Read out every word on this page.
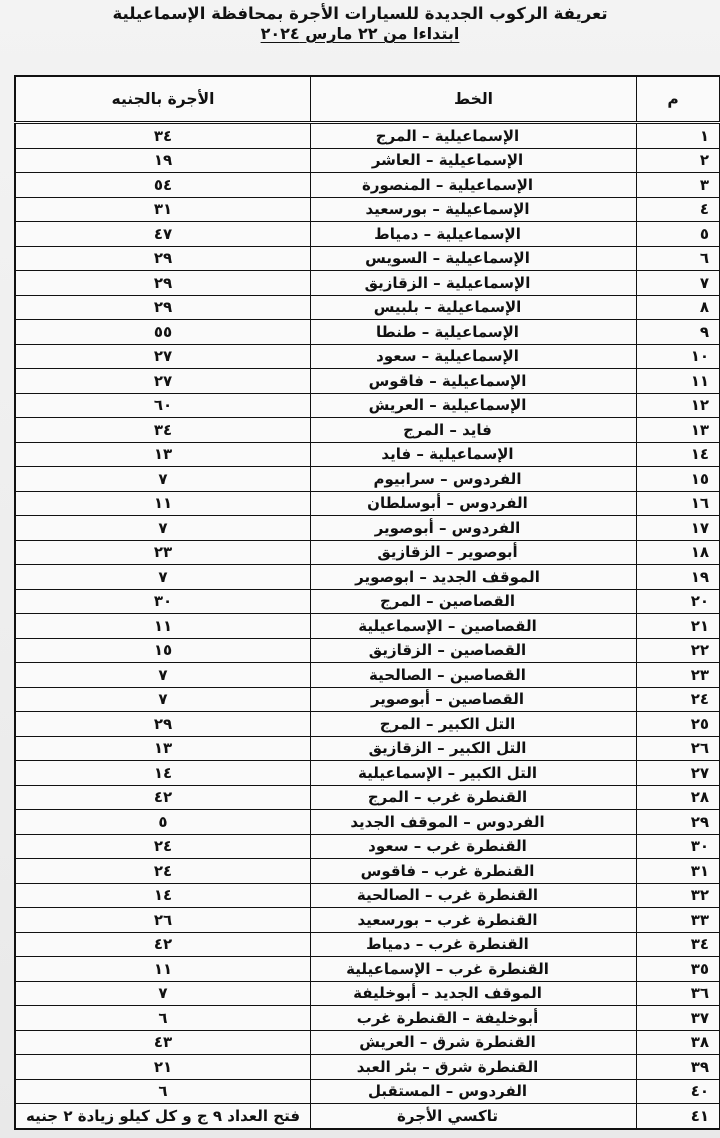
تعريفة الركوب الجديدة للسيارات الأجرة بمحافظة الإسماعيلية
ابتداءا من ٢٢ مارس ٢٠٢٤
م	الخط	الأجرة بالجنيه
١	الإسماعيلية – المرج	٣٤
٢	الإسماعيلية – العاشر	١٩
٣	الإسماعيلية – المنصورة	٥٤
٤	الإسماعيلية – بورسعيد	٣١
٥	الإسماعيلية – دمياط	٤٧
٦	الإسماعيلية – السويس	٢٩
٧	الإسماعيلية – الزقازيق	٢٩
٨	الإسماعيلية – بلبيس	٢٩
٩	الإسماعيلية – طنطا	٥٥
١٠	الإسماعيلية – سعود	٢٧
١١	الإسماعيلية – فاقوس	٢٧
١٢	الإسماعيلية – العريش	٦٠
١٣	فايد – المرج	٣٤
١٤	الإسماعيلية – فايد	١٣
١٥	الفردوس – سرابيوم	٧
١٦	الفردوس – أبوسلطان	١١
١٧	الفردوس – أبوصوير	٧
١٨	أبوصوير – الزقازيق	٢٣
١٩	الموقف الجديد – ابوصوير	٧
٢٠	القصاصين – المرج	٣٠
٢١	القصاصين – الإسماعيلية	١١
٢٢	القصاصين – الزقازيق	١٥
٢٣	القصاصين – الصالحية	٧
٢٤	القصاصين – أبوصوير	٧
٢٥	التل الكبير – المرج	٢٩
٢٦	التل الكبير – الزقازيق	١٣
٢٧	التل الكبير – الإسماعيلية	١٤
٢٨	القنطرة غرب – المرج	٤٢
٢٩	الفردوس – الموقف الجديد	٥
٣٠	القنطرة غرب – سعود	٢٤
٣١	القنطرة غرب – فاقوس	٢٤
٣٢	القنطرة غرب – الصالحية	١٤
٣٣	القنطرة غرب – بورسعيد	٢٦
٣٤	القنطرة غرب – دمياط	٤٢
٣٥	القنطرة غرب – الإسماعيلية	١١
٣٦	الموقف الجديد – أبوخليفة	٧
٣٧	أبوخليفة – القنطرة غرب	٦
٣٨	القنطرة شرق – العريش	٤٣
٣٩	القنطرة شرق – بئر العبد	٢١
٤٠	الفردوس – المستقبل	٦
٤١	تاكسي الأجرة	فتح العداد ٩ ج و كل كيلو زيادة ٢ جنيه
